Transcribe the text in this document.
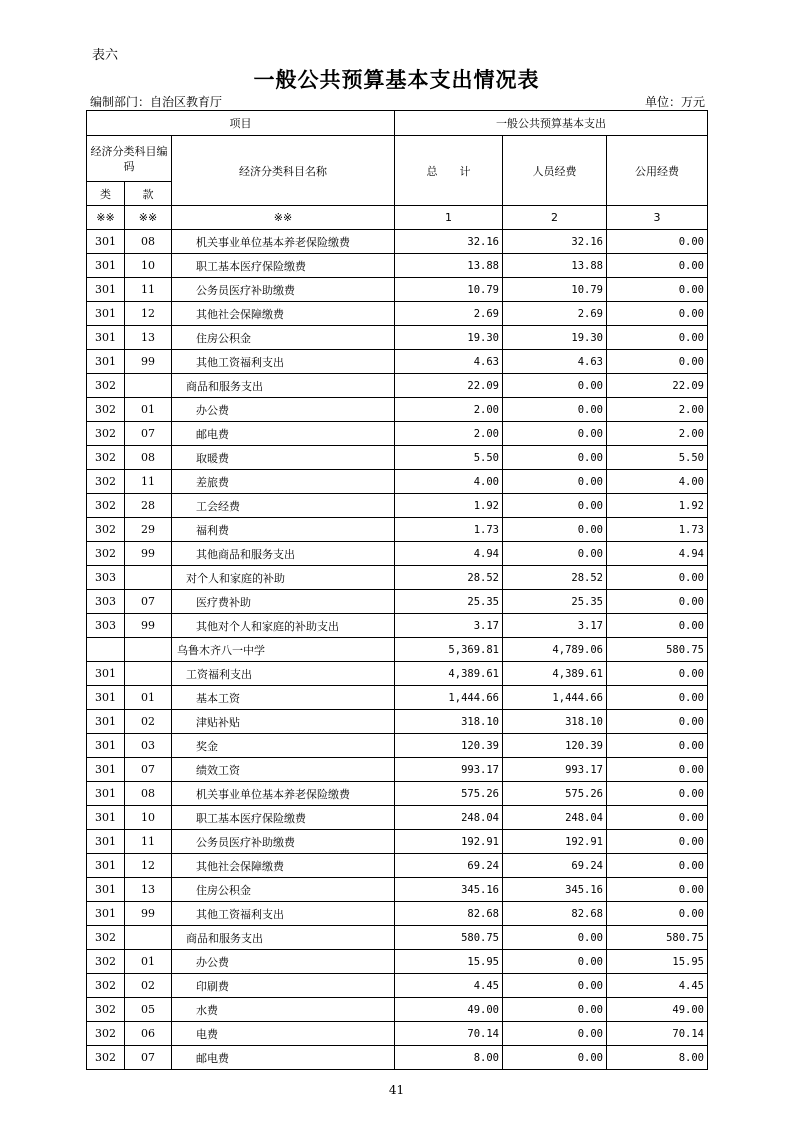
表六
一般公共预算基本支出情况表
编制部门：自治区教育厅	单位：万元
项目			一般公共预算基本支出		
经济分类科目编码		经济分类科目名称	总　　计	人员经费	公用经费
类	款				
※※	※※	※※	1	2	3
301	08	机关事业单位基本养老保险缴费	32.16	32.16	0.00
301	10	职工基本医疗保险缴费	13.88	13.88	0.00
301	11	公务员医疗补助缴费	10.79	10.79	0.00
301	12	其他社会保障缴费	2.69	2.69	0.00
301	13	住房公积金	19.30	19.30	0.00
301	99	其他工资福利支出	4.63	4.63	0.00
302		商品和服务支出	22.09	0.00	22.09
302	01	办公费	2.00	0.00	2.00
302	07	邮电费	2.00	0.00	2.00
302	08	取暖费	5.50	0.00	5.50
302	11	差旅费	4.00	0.00	4.00
302	28	工会经费	1.92	0.00	1.92
302	29	福利费	1.73	0.00	1.73
302	99	其他商品和服务支出	4.94	0.00	4.94
303		对个人和家庭的补助	28.52	28.52	0.00
303	07	医疗费补助	25.35	25.35	0.00
303	99	其他对个人和家庭的补助支出	3.17	3.17	0.00
		乌鲁木齐八一中学	5,369.81	4,789.06	580.75
301		工资福利支出	4,389.61	4,389.61	0.00
301	01	基本工资	1,444.66	1,444.66	0.00
301	02	津贴补贴	318.10	318.10	0.00
301	03	奖金	120.39	120.39	0.00
301	07	绩效工资	993.17	993.17	0.00
301	08	机关事业单位基本养老保险缴费	575.26	575.26	0.00
301	10	职工基本医疗保险缴费	248.04	248.04	0.00
301	11	公务员医疗补助缴费	192.91	192.91	0.00
301	12	其他社会保障缴费	69.24	69.24	0.00
301	13	住房公积金	345.16	345.16	0.00
301	99	其他工资福利支出	82.68	82.68	0.00
302		商品和服务支出	580.75	0.00	580.75
302	01	办公费	15.95	0.00	15.95
302	02	印刷费	4.45	0.00	4.45
302	05	水费	49.00	0.00	49.00
302	06	电费	70.14	0.00	70.14
302	07	邮电费	8.00	0.00	8.00
41
